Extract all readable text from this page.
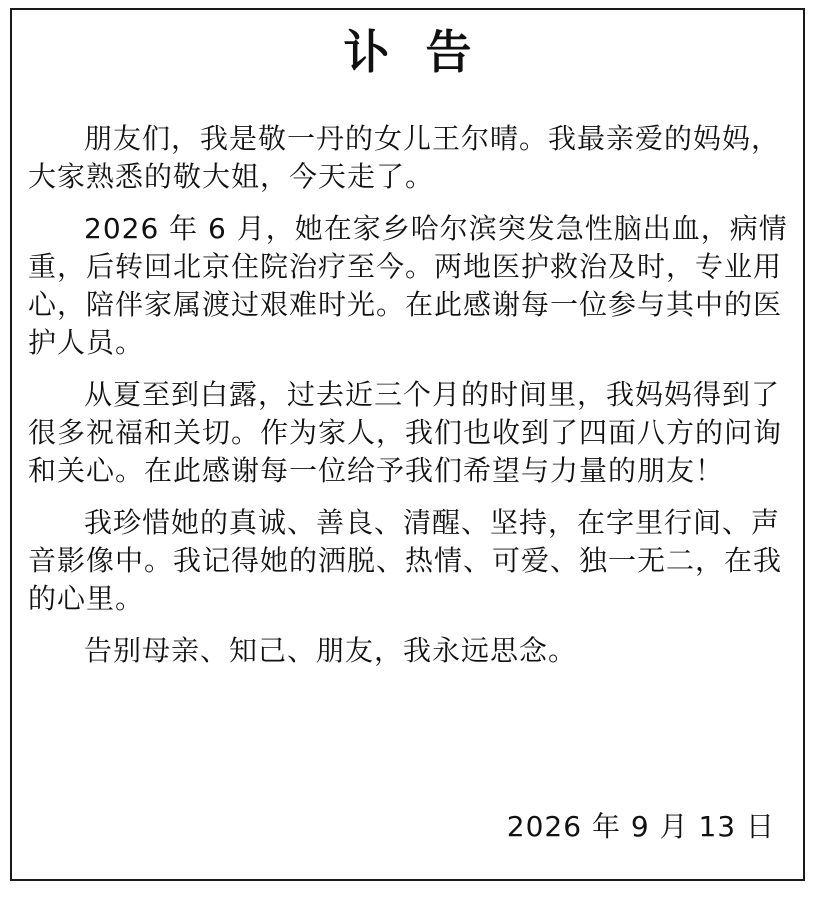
讣告

朋友们，我是敬一丹的女儿王尔晴。我最亲爱的妈妈，大家熟悉的敬大姐，今天走了。

2026 年 6 月，她在家乡哈尔滨突发急性脑出血，病情重，后转回北京住院治疗至今。两地医护救治及时，专业用心，陪伴家属渡过艰难时光。在此感谢每一位参与其中的医护人员。

从夏至到白露，过去近三个月的时间里，我妈妈得到了很多祝福和关切。作为家人，我们也收到了四面八方的问询和关心。在此感谢每一位给予我们希望与力量的朋友！

我珍惜她的真诚、善良、清醒、坚持，在字里行间、声音影像中。我记得她的洒脱、热情、可爱、独一无二，在我的心里。

告别母亲、知己、朋友，我永远思念。

2026 年 9 月 13 日
